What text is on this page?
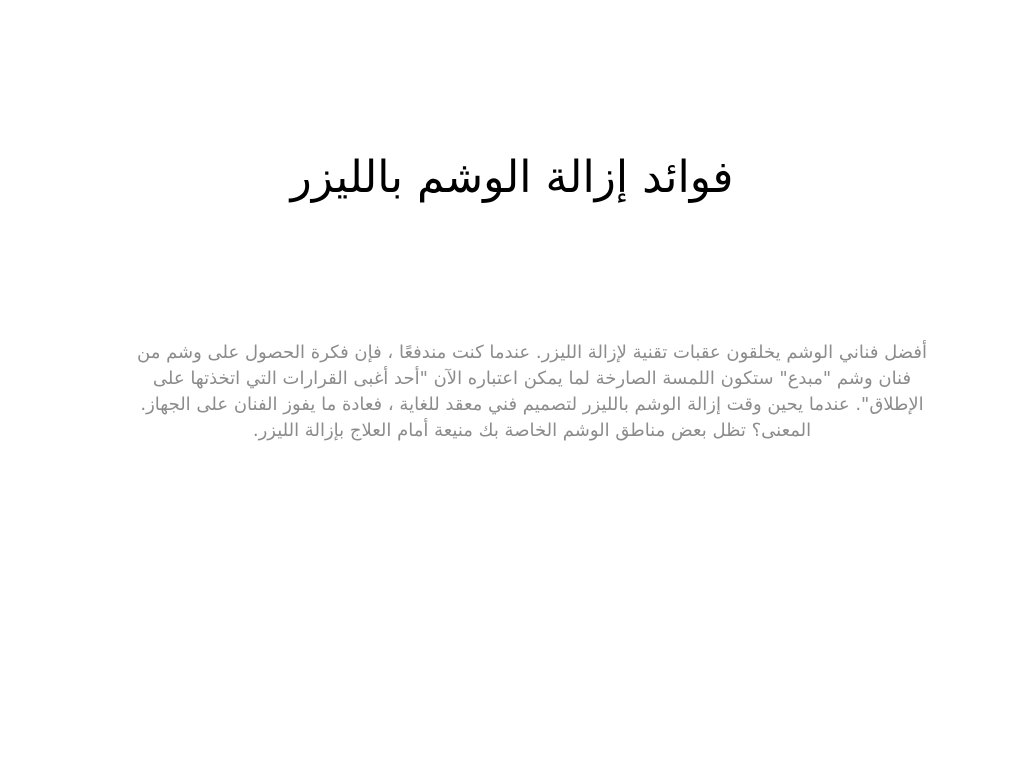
فوائد إزالة الوشم بالليزر

أفضل فناني الوشم يخلقون عقبات تقنية لإزالة الليزر. عندما كنت مندفعًا ، فإن فكرة الحصول على وشم من فنان وشم "مبدع" ستكون اللمسة الصارخة لما يمكن اعتباره الآن "أحد أغبى القرارات التي اتخذتها على الإطلاق". عندما يحين وقت إزالة الوشم بالليزر لتصميم فني معقد للغاية ، فعادة ما يفوز الفنان على الجهاز. المعنى؟ تظل بعض مناطق الوشم الخاصة بك منيعة أمام العلاج بإزالة الليزر.
